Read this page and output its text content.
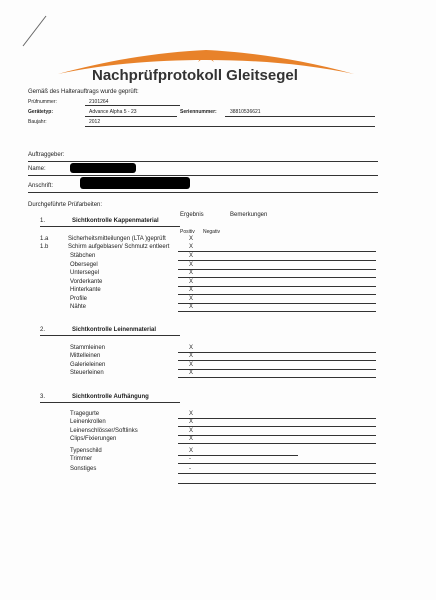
Nachprüfprotokoll Gleitsegel
Gemäß des Halterauftrags wurde geprüft:
Prüfnummer:	2101264
Gerätetyp:	Advance Alpha 5 - 23	Seriennummer:	38810536621
Baujahr:	2012
Auftraggeber:
Name:
Anschrift:
Durchgeführte Prüfarbeiten:
Ergebnis	Bemerkungen
Positiv Negativ
1.	Sichtkontrolle Kappenmaterial
1.a	Sicherheitsmitteilungen (LTA )geprüft	X
1.b	Schirm aufgeblasen/ Schmutz entleert	X
Stäbchen	X
Obersegel	X
Untersegel	X
Vorderkante	X
Hinterkante	X
Profile	X
Nähte	X
2.	Sichtkontrolle Leinenmaterial
Stammleinen	X
Mittelleinen	X
Galerieleinen	X
Steuerleinen	X
3.	Sichtkontrolle Aufhängung
Tragegurte	X
Leinenkrollen	X
Leinenschlösser/Softlinks	X
Clips/Fixierungen	X
Typenschild	X
Trimmer	-
Sonstiges	-
